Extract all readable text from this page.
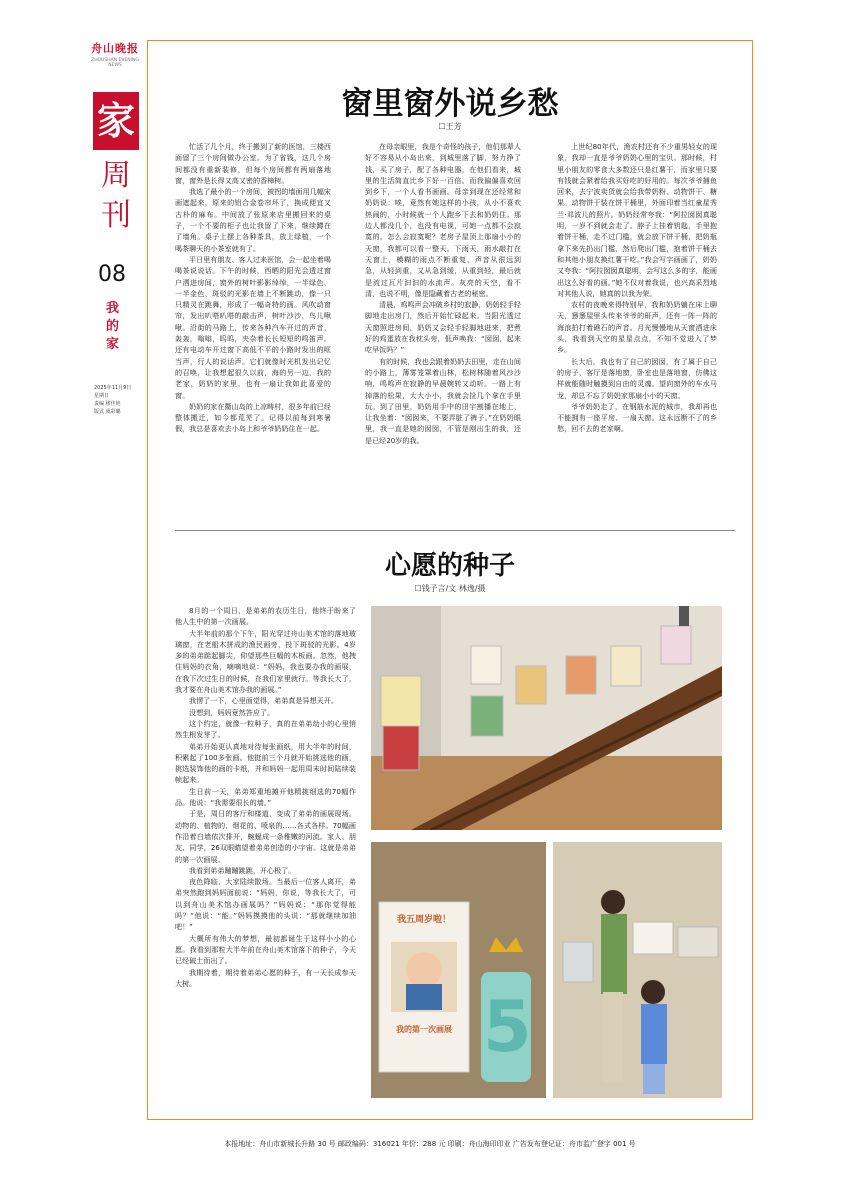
舟山晚报
ZHOUSHAN EVENING NEWS
家
周
刊
08
我的家
2025年11月9日
星期日
责编 缪佳艳
版式 虞彩璐
窗里窗外说乡愁
☐王芳

忙活了几个月，终于搬到了新的医馆，三楼西面留了三个房间做办公室。为了省钱，这几个房间都没有重新装修，但每个房间都有两扇落地窗，窗外是长得又高又密的香樟树。

我选了最小的一个房间，被拐的墙面用几幅宋画遮起来，原来的铝合金卷帘坏了，换成便宜又古朴的麻布。中间放了张原来店里搬回来的桌子，一个不要的柜子也让我留了下来，继续蹲在了墙角。桌子上摆上各种茶具，放上绿植，一个喝茶聊天的小茶室就有了。

平日里有朋友、客人过来医馆，会一起坐着喝喝茶说说话。下午的时候，西晒的阳光会透过窗户洒进房间，窗外的树叶影影绰绰，一半绿色，一半金色，斑驳的光影在墙上不断跳动，像一只只精灵在跳舞，形成了一幅奇特的画。风吹动窗帘，发出叭嗒叭嗒的敲击声，树叶沙沙，鸟儿啾啾。沿街的马路上，传来各种汽车开过的声音，轰轰，嗡嗡，呜呜，夹杂着长长短短的鸣笛声。还有电动车开过窗下高低不平的小路时发出的哐当声，行人的说话声。它们就像时光机发出记忆的召唤，让我想起很久以前，海的另一边，我的老家，奶奶的家里，也有一扇让我如此喜爱的窗。

奶奶的家在衢山岛的上凉畴村，很多年前已经整体搬迁，如今都荒芜了。记得以前每到寒暑假，我总是喜欢去小岛上和爷爷奶奶住在一起。

在母亲眼里，我是个奇怪的孩子，他们那辈人好不容易从小岛出来，到城里落了脚，努力挣了钱，买了房子，配了各种电器，在他们看来，城里的生活简直比乡下好一百倍。而我偏偏喜欢回到乡下，一个人看书画画。母亲到现在还经常和奶奶说：唉，竟然有她这样的小孩，从小不喜欢热闹的，小时候就一个人跑乡下去和奶奶住。那边人都没几个，也没有电视，可她一点都不会寂寞的。怎么会寂寞呢？老房子屋顶上那扇小小的天窗，我都可以看一整天。下雨天，雨水敲打在天窗上，模糊的雨点不断重复，声音从很远到急，从轻到重，又从急到缓，从重到轻，最后就是流过瓦片汩汩的水流声。灰亮的天空，看不清，也说不明，像是隐藏着古老的秘密。

清晨，鸡鸣声会冲破乡村的寂静，奶奶轻手轻脚地走出房门，然后开始忙碌起来。当阳光透过天窗照进房间，奶奶又会轻手轻脚地进来，把煮好的鸡蛋放在我枕头旁，低声唤我：“囡囡，起来吃早饭吗？”

有的时候，我也会跟着奶奶去田里，走在山间的小路上，薄雾笼罩着山林，松树林随着风沙沙响，鸣鸣声在寂静的早晨婉转又动听。一路上有掉落的松果，大大小小，我就会捡几个拿在手里玩。到了田里，奶奶用手中的田宇割播在地上，让我坐着：“囡囡来，不要弄脏了裤子。”在奶奶眼里，我一直是她的囡囡，不管是刚出生的我，还是已经20岁的我。

上世纪80年代，渔农村还有不少重男轻女的现象，我却一直是爷爷奶奶心里的宝贝。那时候，村里小朋友的零食大多数还只是红薯干，而家里只要有钱就会紧着给我买好吃的好用的。每次爷爷捕鱼回来，去宁波卖货就会给我带奶粉、动物饼干、糖果。动物饼干装在饼干桶里，外面印着当红童星秀兰·邓波儿的照片。奶奶经常夸我：“阿拉囡囡真聪明，一岁不到就会走了。脖子上挂着钥匙，手里抱着饼干桶，走不过门槛，就会放下饼干桶，把奶瓶拿下来先扔出门槛，然后爬出门槛，抱着饼干桶去和其他小朋友换红薯干吃。”我会写字画画了，奶奶又夸我：“阿拉囡囡真聪明，会写这么多的字，能画出这么好看的画。”她不仅对着我说，也兴高采烈地对其他人说，她真的以我为荣。

农村的夜晚来得特别早，我和奶奶躺在床上聊天，窸窸屋里头传来爷爷的鼾声，还有一阵一阵的海浪拍打着礁石的声音。月光慢慢地从天窗洒进床头，我看到天空的星星点点，不知不觉进入了梦乡。

长大后，我也有了自己的囡囡，有了属于自己的房子，客厅是落地窗，卧室也是落地窗，仿佛这样就能随时触摸到自由的灵魂。望向窗外的车水马龙，却总不忘了奶奶家那扇小小的天窗。

爷爷奶奶走了，在钢筋水泥的城市，我却再也不能拥有一座平房、一扇天窗。这永远断不了的乡愁，回不去的老家啊。

心愿的种子
☐钱子言/文 林逸/摄

8月的一个周日，是弟弟的农历生日，他终于盼来了他人生中的第一次画展。

大半年前的那个下午，阳光穿过舟山美术馆的落地玻璃窗，在老船木拼成的渔民画旁，投下斑驳的光影。4岁多的弟弟踮起脚尖，仰望那些巨幅的木板画。忽然，他拽住妈妈的衣角，嘀嘀地说：“妈妈，我也要办我的画展，在我下次过生日的时候，在我们家里就行。等我长大了，我才要在舟山美术馆办我的画展。”

我愣了一下，心里面觉得，弟弟真是异想天开。

没想到，妈妈竟然答应了。

这个约定，就像一粒种子，真的在弟弟幼小的心里悄然生根发芽了。

弟弟开始更认真地对待每张画纸，用大半年的时间，积累起了100多张画。他挺前三个月就开始挑选他的画，挑选装饰他的画的卡纸，并和妈妈一起用周末时间陆续装帧起来。

生日前一天，弟弟郑重地摊开他精挑细选的70幅作品。他说：“我需要很长的墙。”

于是，周日的客厅和楼道，变成了弟弟的画展现场。动物的、植物的、烟花的、喷泉的……各式各样。70幅画作沿着白墙依次排开，蜿蜒成一条稚嫩的河流。家人、朋友、同学，26双眼睛望着弟弟创造的小宇宙。这就是弟弟的第一次画展。

我看到弟弟蹦蹦跳跳，开心极了。

夜色降临，大家陆续散场。当最后一位客人离开，弟弟突然跑到妈妈面前说：“妈妈，你说，等我长大了，可以到舟山美术馆办画展吗？”妈妈说：“那你觉得能吗？”他说：“能。”妈妈摸摸他的头说：“那就继续加油吧！”

大概所有伟大的梦想，最初都诞生于这样小小的心愿。我看到那粒大半年前在舟山美术馆落下的种子，今天已经破土而出了。

我期待着，期待着弟弟心愿的种子，有一天长成参天大树。

我五周岁啦！
我的第一次画展 5
本报地址：舟山市新城长升路 30 号 邮政编码：316021 年价：288 元 印刷：舟山海印印业 广告发布登记证：舟市监广登字 001 号
